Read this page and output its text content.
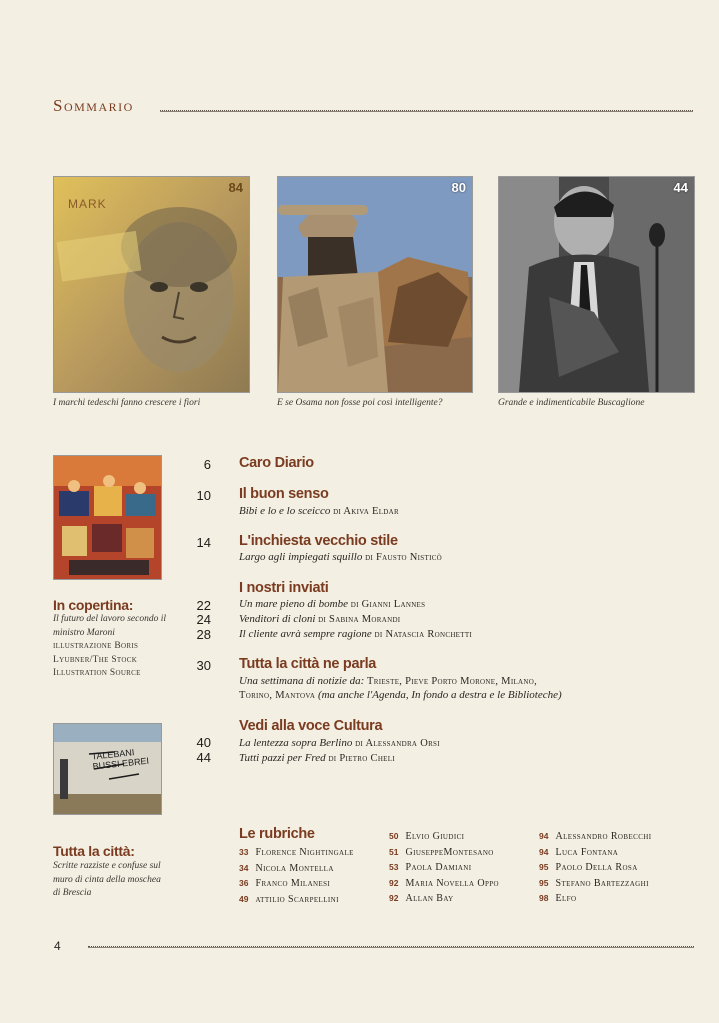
Sommario
MARK
84
I marchi tedeschi fanno crescere i fiori
80
E se Osama non fosse poi così intelligente?
44
Grande e indimenticabile Buscaglione
In copertina:
Il futuro del lavoro secondo il ministro Maroni illustrazione Boris Lyubner/The Stock Illustration Source
TALEBANI BUSSI EBREI
Tutta la città:
Scritte razziste e confuse sul muro di cinta della moschea di Brescia
6 Caro Diario
10 Il buon senso
Bibi e lo e lo sceicco di Akiva Eldar
14 L'inchiesta vecchio stile
Largo agli impiegati squillo di Fausto Nisticò
I nostri inviati
22	Un mare pieno di bombe di Gianni Lannes
24	Venditori di cloni di Sabina Morandi
28	Il cliente avrà sempre ragione di Natascia Ronchetti
30 Tutta la città ne parla
Una settimana di notizie da: Trieste, Pieve Porto Morone, Milano,
Torino, Mantova (ma anche l'Agenda, In fondo a destra e le Biblioteche)
Vedi alla voce Cultura
40	La lentezza sopra Berlino di Alessandra Orsi
44	Tutti pazzi per Fred di Pietro Cheli
Le rubriche
33 Florence Nightingale
34 Nicola Montella
36 Franco Milanesi
49 attilio Scarpellini
50 Elvio Giudici
51 GiuseppeMontesano
53 Paola Damiani
92 Maria Novella Oppo
92 Allan Bay
94 Alessandro Robecchi
94 Luca Fontana
95 Paolo Della Rosa
95 Stefano Bartezzaghi
98 Elfo
4
